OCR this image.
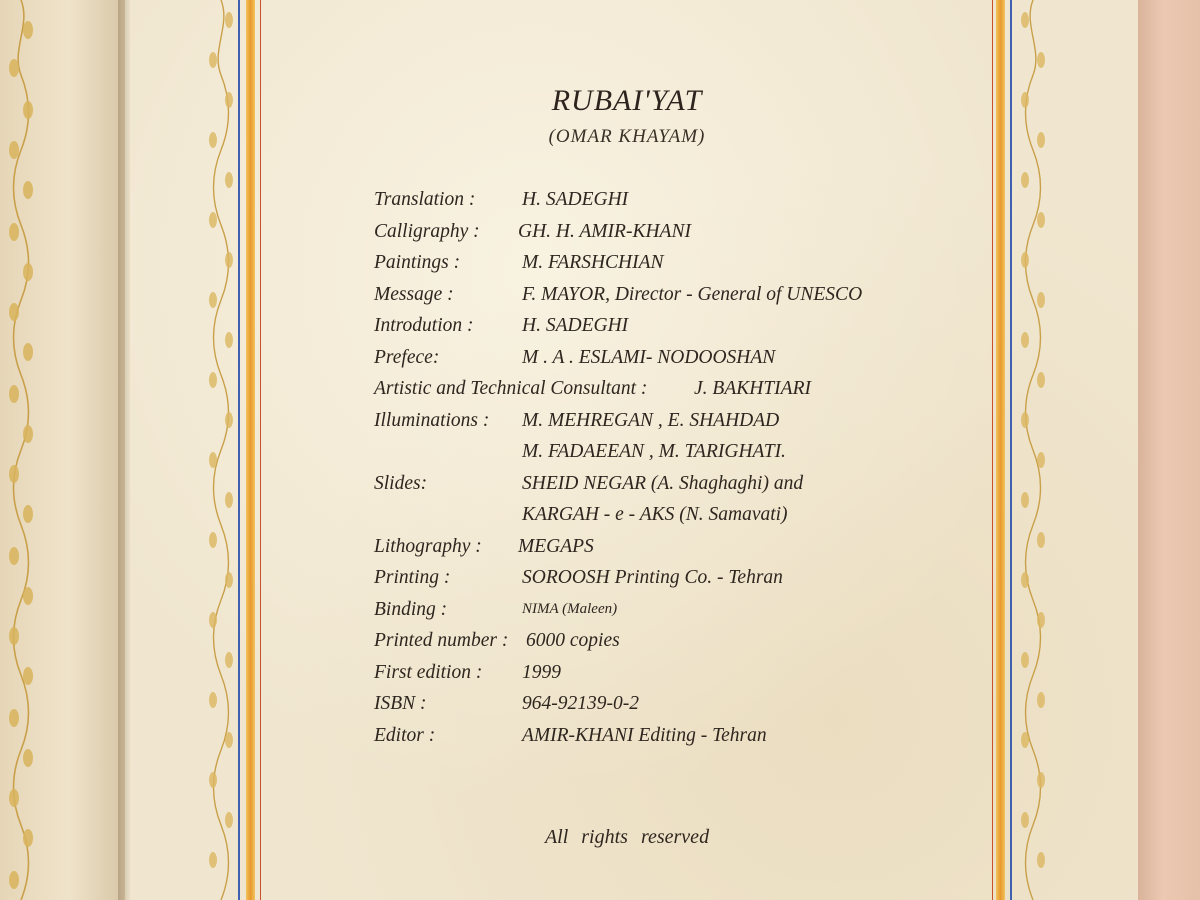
RUBAI'YAT
(OMAR KHAYAM)
Translation : H. SADEGHI
Calligraphy : GH. H. AMIR-KHANI
Paintings :	M. FARSHCHIAN
Message :	F. MAYOR, Director - General of UNESCO
Introdution : H. SADEGHI
Prefece:	M . A . ESLAMI- NODOOSHAN
Artistic and Technical Consultant : J. BAKHTIARI
Illuminations : M. MEHREGAN , E. SHAHDAD
M. FADAEEAN , M. TARIGHATI.
Slides:	SHEID NEGAR (A. Shaghaghi) and
KARGAH - e - AKS (N. Samavati)
Lithography : MEGAPS
Printing :	SOROOSH Printing Co. - Tehran
Binding :	NIMA (Maleen)
Printed number : 6000 copies
First edition : 1999
ISBN :	964-92139-0-2
Editor :	AMIR-KHANI Editing - Tehran
All rights reserved
